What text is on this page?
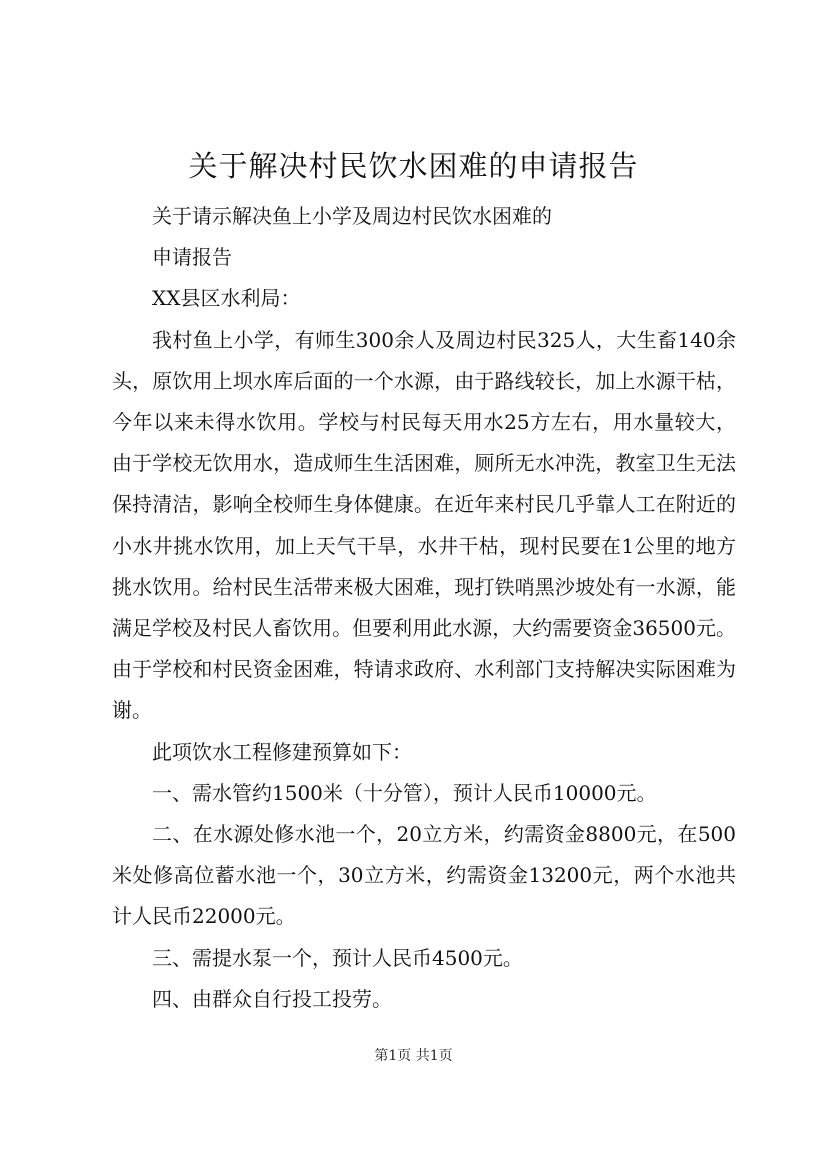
关于解决村民饮水困难的申请报告

关于请示解决鱼上小学及周边村民饮水困难的

申请报告

XX县区水利局：

我村鱼上小学，有师生300余人及周边村民325人，大生畜140余头，原饮用上坝水库后面的一个水源，由于路线较长，加上水源干枯，今年以来未得水饮用。学校与村民每天用水25方左右，用水量较大，由于学校无饮用水，造成师生生活困难，厕所无水冲洗，教室卫生无法保持清洁，影响全校师生身体健康。在近年来村民几乎靠人工在附近的小水井挑水饮用，加上天气干旱，水井干枯，现村民要在1公里的地方挑水饮用。给村民生活带来极大困难，现打铁哨黑沙坡处有一水源，能满足学校及村民人畜饮用。但要利用此水源，大约需要资金36500元。由于学校和村民资金困难，特请求政府、水利部门支持解决实际困难为谢。

此项饮水工程修建预算如下：

一、需水管约1500米（十分管），预计人民币10000元。

二、在水源处修水池一个，20立方米，约需资金8800元，在500米处修高位蓄水池一个，30立方米，约需资金13200元，两个水池共计人民币22000元。

三、需提水泵一个，预计人民币4500元。

四、由群众自行投工投劳。

第1页 共1页
